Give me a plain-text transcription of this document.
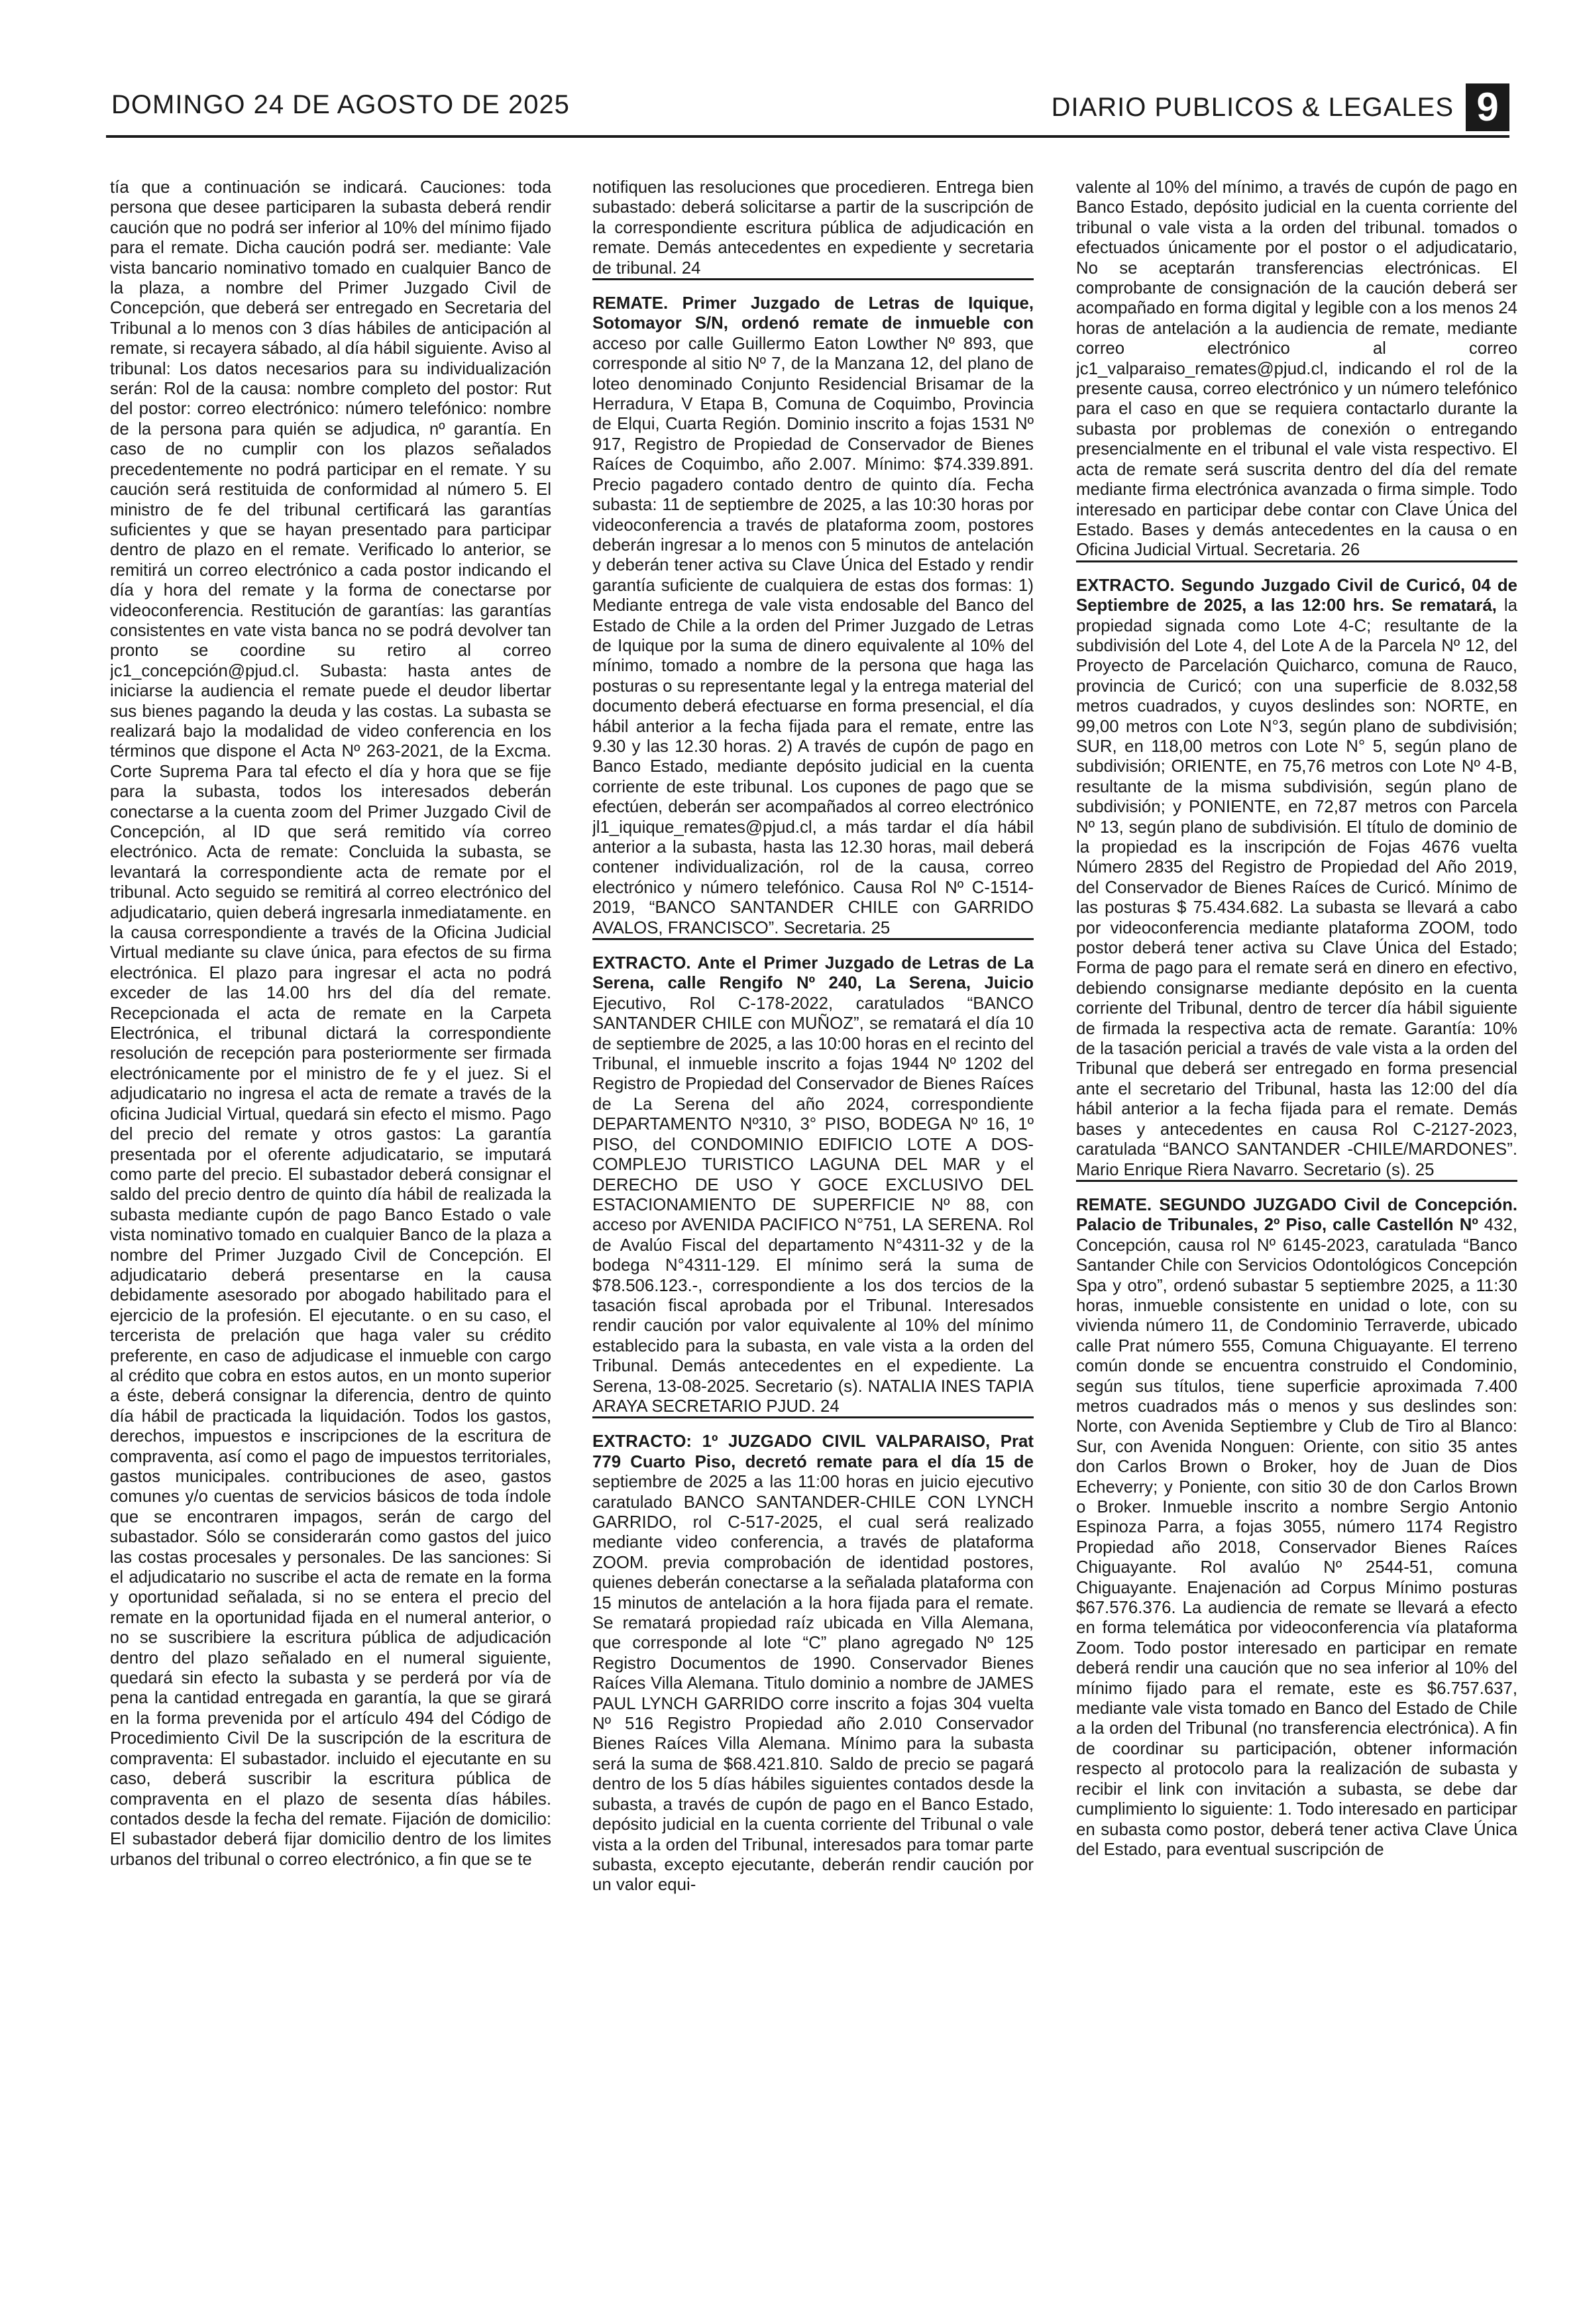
DOMINGO 24 DE AGOSTO DE 2025	DIARIO PUBLICOS & LEGALES 9

tía que a continuación se indicará. Cauciones: toda persona que desee participaren la subasta deberá rendir caución que no podrá ser inferior al 10% del mínimo fijado para el remate. Dicha caución podrá ser. mediante: Vale vista bancario nominativo tomado en cualquier Banco de la plaza, a nombre del Primer Juzgado Civil de Concepción, que deberá ser entregado en Secretaria del Tribunal a lo menos con 3 días hábiles de anticipación al remate, si recayera sábado, al día hábil siguiente. Aviso al tribunal: Los datos necesarios para su individualización serán: Rol de la causa: nombre completo del postor: Rut del postor: correo electrónico: número telefónico: nombre de la persona para quién se adjudica, nº garantía. En caso de no cumplir con los plazos señalados precedentemente no podrá participar en el remate. Y su caución será restituida de conformidad al número 5. El ministro de fe del tribunal certificará las garantías suficientes y que se hayan presentado para participar dentro de plazo en el remate. Verificado lo anterior, se remitirá un correo electrónico a cada postor indicando el día y hora del remate y la forma de conectarse por videoconferencia. Restitución de garantías: las garantías consistentes en vate vista banca no se podrá devolver tan pronto se coordine su retiro al correo jc1_concepción@pjud.cl. Subasta: hasta antes de iniciarse la audiencia el remate puede el deudor libertar sus bienes pagando la deuda y las costas. La subasta se realizará bajo la modalidad de video conferencia en los términos que dispone el Acta Nº 263-2021, de la Excma. Corte Suprema Para tal efecto el día y hora que se fije para la subasta, todos los interesados deberán conectarse a la cuenta zoom del Primer Juzgado Civil de Concepción, al ID que será remitido vía correo electrónico. Acta de remate: Concluida la subasta, se levantará la correspondiente acta de remate por el tribunal. Acto seguido se remitirá al correo electrónico del adjudicatario, quien deberá ingresarla inmediatamente. en la causa correspondiente a través de la Oficina Judicial Virtual mediante su clave única, para efectos de su firma electrónica. El plazo para ingresar el acta no podrá exceder de las 14.00 hrs del día del remate. Recepcionada el acta de remate en la Carpeta Electrónica, el tribunal dictará la correspondiente resolución de recepción para posteriormente ser firmada electrónicamente por el ministro de fe y el juez. Si el adjudicatario no ingresa el acta de remate a través de la oficina Judicial Virtual, quedará sin efecto el mismo. Pago del precio del remate y otros gastos: La garantía presentada por el oferente adjudicatario, se imputará como parte del precio. El subastador deberá consignar el saldo del precio dentro de quinto día hábil de realizada la subasta mediante cupón de pago Banco Estado o vale vista nominativo tomado en cualquier Banco de la plaza a nombre del Primer Juzgado Civil de Concepción. El adjudicatario deberá presentarse en la causa debidamente asesorado por abogado habilitado para el ejercicio de la profesión. El ejecutante. o en su caso, el tercerista de prelación que haga valer su crédito preferente, en caso de adjudicase el inmueble con cargo al crédito que cobra en estos autos, en un monto superior a éste, deberá consignar la diferencia, dentro de quinto día hábil de practicada la liquidación. Todos los gastos, derechos, impuestos e inscripciones de la escritura de compraventa, así como el pago de impuestos territoriales, gastos municipales. contribuciones de aseo, gastos comunes y/o cuentas de servicios básicos de toda índole que se encontraren impagos, serán de cargo del subastador. Sólo se considerarán como gastos del juico las costas procesales y personales. De las sanciones: Si el adjudicatario no suscribe el acta de remate en la forma y oportunidad señalada, si no se entera el precio del remate en la oportunidad fijada en el numeral anterior, o no se suscribiere la escritura pública de adjudicación dentro del plazo señalado en el numeral siguiente, quedará sin efecto la subasta y se perderá por vía de pena la cantidad entregada en garantía, la que se girará en la forma prevenida por el artículo 494 del Código de Procedimiento Civil De la suscripción de la escritura de compraventa: El subastador. incluido el ejecutante en su caso, deberá suscribir la escritura pública de compraventa en el plazo de sesenta días hábiles. contados desde la fecha del remate. Fijación de domicilio: El subastador deberá fijar domicilio dentro de los limites urbanos del tribunal o correo electrónico, a fin que se te

notifiquen las resoluciones que procedieren. Entrega bien subastado: deberá solicitarse a partir de la suscripción de la correspondiente escritura pública de adjudicación en remate. Demás antecedentes en expediente y secretaria de tribunal. 24

REMATE. Primer Juzgado de Letras de Iquique, Sotomayor S/N, ordenó remate de inmueble con acceso por calle Guillermo Eaton Lowther Nº 893, que corresponde al sitio Nº 7, de la Manzana 12, del plano de loteo denominado Conjunto Residencial Brisamar de la Herradura, V Etapa B, Comuna de Coquimbo, Provincia de Elqui, Cuarta Región. Dominio inscrito a fojas 1531 Nº 917, Registro de Propiedad de Conservador de Bienes Raíces de Coquimbo, año 2.007. Mínimo: $74.339.891. Precio pagadero contado dentro de quinto día. Fecha subasta: 11 de septiembre de 2025, a las 10:30 horas por videoconferencia a través de plataforma zoom, postores deberán ingresar a lo menos con 5 minutos de antelación y deberán tener activa su Clave Única del Estado y rendir garantía suficiente de cualquiera de estas dos formas: 1) Mediante entrega de vale vista endosable del Banco del Estado de Chile a la orden del Primer Juzgado de Letras de Iquique por la suma de dinero equivalente al 10% del mínimo, tomado a nombre de la persona que haga las posturas o su representante legal y la entrega material del documento deberá efectuarse en forma presencial, el día hábil anterior a la fecha fijada para el remate, entre las 9.30 y las 12.30 horas. 2) A través de cupón de pago en Banco Estado, mediante depósito judicial en la cuenta corriente de este tribunal. Los cupones de pago que se efectúen, deberán ser acompañados al correo electrónico jl1_iquique_remates@pjud.cl, a más tardar el día hábil anterior a la subasta, hasta las 12.30 horas, mail deberá contener individualización, rol de la causa, correo electrónico y número telefónico. Causa Rol Nº C-1514-2019, “BANCO SANTANDER CHILE con GARRIDO AVALOS, FRANCISCO”. Secretaria. 25

EXTRACTO. Ante el Primer Juzgado de Letras de La Serena, calle Rengifo Nº 240, La Serena, Juicio Ejecutivo, Rol C-178-2022, caratulados “BANCO SANTANDER CHILE con MUÑOZ”, se rematará el día 10 de septiembre de 2025, a las 10:00 horas en el recinto del Tribunal, el inmueble inscrito a fojas 1944 Nº 1202 del Registro de Propiedad del Conservador de Bienes Raíces de La Serena del año 2024, correspondiente DEPARTAMENTO Nº310, 3° PISO, BODEGA Nº 16, 1º PISO, del CONDOMINIO EDIFICIO LOTE A DOS-COMPLEJO TURISTICO LAGUNA DEL MAR y el DERECHO DE USO Y GOCE EXCLUSIVO DEL ESTACIONAMIENTO DE SUPERFICIE Nº 88, con acceso por AVENIDA PACIFICO N°751, LA SERENA. Rol de Avalúo Fiscal del departamento N°4311-32 y de la bodega N°4311-129. El mínimo será la suma de $78.506.123.-, correspondiente a los dos tercios de la tasación fiscal aprobada por el Tribunal. Interesados rendir caución por valor equivalente al 10% del mínimo establecido para la subasta, en vale vista a la orden del Tribunal. Demás antecedentes en el expediente. La Serena, 13-08-2025. Secretario (s). NATALIA INES TAPIA ARAYA SECRETARIO PJUD. 24

EXTRACTO: 1º JUZGADO CIVIL VALPARAISO, Prat 779 Cuarto Piso, decretó remate para el día 15 de septiembre de 2025 a las 11:00 horas en juicio ejecutivo caratulado BANCO SANTANDER-CHILE CON LYNCH GARRIDO, rol C-517-2025, el cual será realizado mediante video conferencia, a través de plataforma ZOOM. previa comprobación de identidad postores, quienes deberán conectarse a la señalada plataforma con 15 minutos de antelación a la hora fijada para el remate. Se rematará propiedad raíz ubicada en Villa Alemana, que corresponde al lote “C” plano agregado Nº 125 Registro Documentos de 1990. Conservador Bienes Raíces Villa Alemana. Titulo dominio a nombre de JAMES PAUL LYNCH GARRIDO corre inscrito a fojas 304 vuelta Nº 516 Registro Propiedad año 2.010 Conservador Bienes Raíces Villa Alemana. Mínimo para la subasta será la suma de $68.421.810. Saldo de precio se pagará dentro de los 5 días hábiles siguientes contados desde la subasta, a través de cupón de pago en el Banco Estado, depósito judicial en la cuenta corriente del Tribunal o vale vista a la orden del Tribunal, interesados para tomar parte subasta, excepto ejecutante, deberán rendir caución por un valor equi-

valente al 10% del mínimo, a través de cupón de pago en Banco Estado, depósito judicial en la cuenta corriente del tribunal o vale vista a la orden del tribunal. tomados o efectuados únicamente por el postor o el adjudicatario, No se aceptarán transferencias electrónicas. El comprobante de consignación de la caución deberá ser acompañado en forma digital y legible con a los menos 24 horas de antelación a la audiencia de remate, mediante correo electrónico al correo jc1_valparaiso_remates@pjud.cl, indicando el rol de la presente causa, correo electrónico y un número telefónico para el caso en que se requiera contactarlo durante la subasta por problemas de conexión o entregando presencialmente en el tribunal el vale vista respectivo. El acta de remate será suscrita dentro del día del remate mediante firma electrónica avanzada o firma simple. Todo interesado en participar debe contar con Clave Única del Estado. Bases y demás antecedentes en la causa o en Oficina Judicial Virtual. Secretaria. 26

EXTRACTO. Segundo Juzgado Civil de Curicó, 04 de Septiembre de 2025, a las 12:00 hrs. Se rematará, la propiedad signada como Lote 4-C; resultante de la subdivisión del Lote 4, del Lote A de la Parcela Nº 12, del Proyecto de Parcelación Quicharco, comuna de Rauco, provincia de Curicó; con una superficie de 8.032,58 metros cuadrados, y cuyos deslindes son: NORTE, en 99,00 metros con Lote N°3, según plano de subdivisión; SUR, en 118,00 metros con Lote N° 5, según plano de subdivisión; ORIENTE, en 75,76 metros con Lote Nº 4-B, resultante de la misma subdivisión, según plano de subdivisión; y PONIENTE, en 72,87 metros con Parcela Nº 13, según plano de subdivisión. El título de dominio de la propiedad es la inscripción de Fojas 4676 vuelta Número 2835 del Registro de Propiedad del Año 2019, del Conservador de Bienes Raíces de Curicó. Mínimo de las posturas $ 75.434.682. La subasta se llevará a cabo por videoconferencia mediante plataforma ZOOM, todo postor deberá tener activa su Clave Única del Estado; Forma de pago para el remate será en dinero en efectivo, debiendo consignarse mediante depósito en la cuenta corriente del Tribunal, dentro de tercer día hábil siguiente de firmada la respectiva acta de remate. Garantía: 10% de la tasación pericial a través de vale vista a la orden del Tribunal que deberá ser entregado en forma presencial ante el secretario del Tribunal, hasta las 12:00 del día hábil anterior a la fecha fijada para el remate. Demás bases y antecedentes en causa Rol C-2127-2023, caratulada “BANCO SANTANDER -CHILE/MARDONES”. Mario Enrique Riera Navarro. Secretario (s). 25

REMATE. SEGUNDO JUZGADO Civil de Concepción. Palacio de Tribunales, 2º Piso, calle Castellón Nº 432, Concepción, causa rol Nº 6145-2023, caratulada “Banco Santander Chile con Servicios Odontológicos Concepción Spa y otro”, ordenó subastar 5 septiembre 2025, a 11:30 horas, inmueble consistente en unidad o lote, con su vivienda número 11, de Condominio Terraverde, ubicado calle Prat número 555, Comuna Chiguayante. El terreno común donde se encuentra construido el Condominio, según sus títulos, tiene superficie aproximada 7.400 metros cuadrados más o menos y sus deslindes son: Norte, con Avenida Septiembre y Club de Tiro al Blanco: Sur, con Avenida Nonguen: Oriente, con sitio 35 antes don Carlos Brown o Broker, hoy de Juan de Dios Echeverry; y Poniente, con sitio 30 de don Carlos Brown o Broker. Inmueble inscrito a nombre Sergio Antonio Espinoza Parra, a fojas 3055, número 1174 Registro Propiedad año 2018, Conservador Bienes Raíces Chiguayante. Rol avalúo Nº 2544-51, comuna Chiguayante. Enajenación ad Corpus Mínimo posturas $67.576.376. La audiencia de remate se llevará a efecto en forma telemática por videoconferencia vía plataforma Zoom. Todo postor interesado en participar en remate deberá rendir una caución que no sea inferior al 10% del mínimo fijado para el remate, este es $6.757.637, mediante vale vista tomado en Banco del Estado de Chile a la orden del Tribunal (no transferencia electrónica). A fin de coordinar su participación, obtener información respecto al protocolo para la realización de subasta y recibir el link con invitación a subasta, se debe dar cumplimiento lo siguiente: 1. Todo interesado en participar en subasta como postor, deberá tener activa Clave Única del Estado, para eventual suscripción de
